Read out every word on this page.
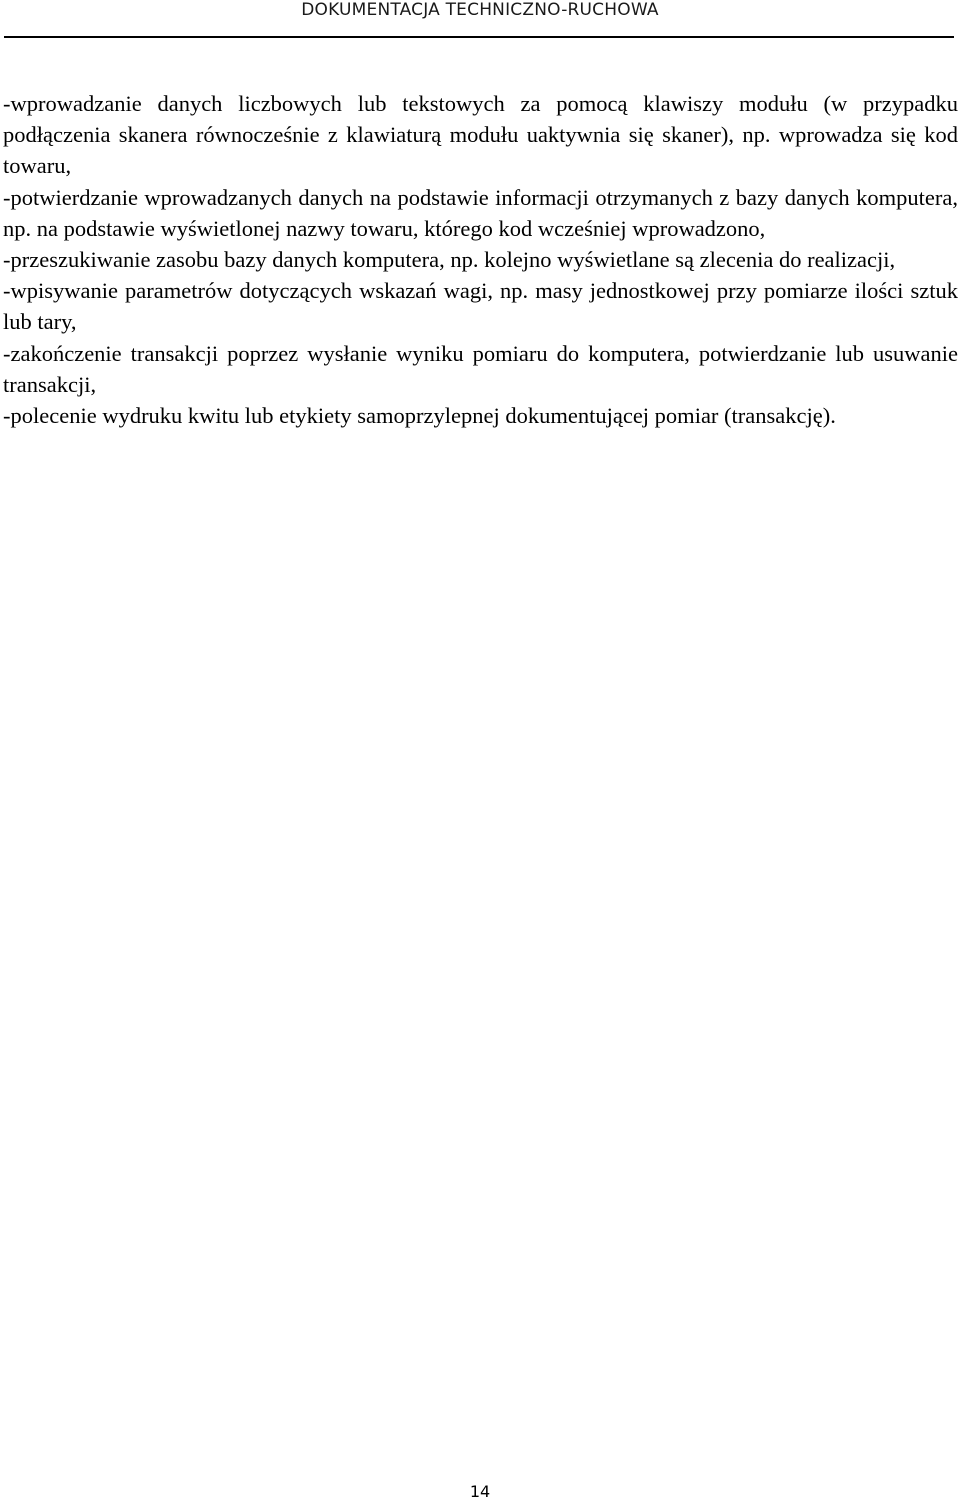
DOKUMENTACJA TECHNICZNO-RUCHOWA

-wprowadzanie danych liczbowych lub tekstowych za pomocą klawiszy modułu (w przypadku podłączenia skanera równocześnie z klawiaturą modułu uaktywnia się skaner), np. wprowadza się kod towaru,

-potwierdzanie wprowadzanych danych na podstawie informacji otrzymanych z bazy danych komputera, np. na podstawie wyświetlonej nazwy towaru, którego kod wcześniej wprowadzono,

-przeszukiwanie zasobu bazy danych komputera, np. kolejno wyświetlane są zlecenia do realizacji,

-wpisywanie parametrów dotyczących wskazań wagi, np. masy jednostkowej przy pomiarze ilości sztuk lub tary,

-zakończenie transakcji poprzez wysłanie wyniku pomiaru do komputera, potwierdzanie lub usuwanie transakcji,

-polecenie wydruku kwitu lub etykiety samoprzylepnej dokumentującej pomiar (transakcję).

14
